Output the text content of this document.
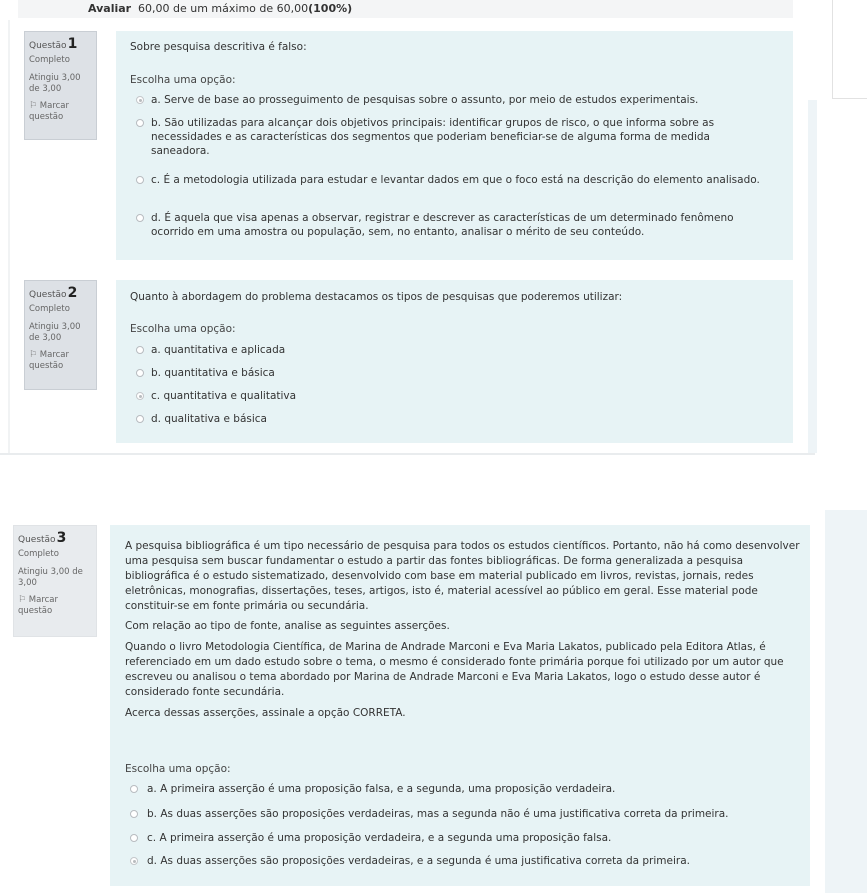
Avaliar 60,00 de um máximo de 60,00(100%)
Questão1
Completo
Atingiu 3,00 de 3,00
⚐ Marcar questão
Sobre pesquisa descritiva é falso:
Escolha uma opção:
a. Serve de base ao prosseguimento de pesquisas sobre o assunto, por meio de estudos experimentais.
b. São utilizadas para alcançar dois objetivos principais: identificar grupos de risco, o que informa sobre as necessidades e as características dos segmentos que poderiam beneficiar-se de alguma forma de medida saneadora.
c. É a metodologia utilizada para estudar e levantar dados em que o foco está na descrição do elemento analisado.
d. É aquela que visa apenas a observar, registrar e descrever as características de um determinado fenômeno ocorrido em uma amostra ou população, sem, no entanto, analisar o mérito de seu conteúdo.
Questão2
Completo
Atingiu 3,00 de 3,00
⚐ Marcar questão
Quanto à abordagem do problema destacamos os tipos de pesquisas que poderemos utilizar:
Escolha uma opção:
a. quantitativa e aplicada
b. quantitativa e básica
c. quantitativa e qualitativa
d. qualitativa e básica
Questão3
Completo
Atingiu 3,00 de 3,00
⚐ Marcar questão

A pesquisa bibliográfica é um tipo necessário de pesquisa para todos os estudos científicos. Portanto, não há como desenvolver uma pesquisa sem buscar fundamentar o estudo a partir das fontes bibliográficas. De forma generalizada a pesquisa bibliográfica é o estudo sistematizado, desenvolvido com base em material publicado em livros, revistas, jornais, redes eletrônicas, monografias, dissertações, teses, artigos, isto é, material acessível ao público em geral. Esse material pode constituir-se em fonte primária ou secundária.

Com relação ao tipo de fonte, analise as seguintes asserções.

Quando o livro Metodologia Científica, de Marina de Andrade Marconi e Eva Maria Lakatos, publicado pela Editora Atlas, é referenciado em um dado estudo sobre o tema, o mesmo é considerado fonte primária porque foi utilizado por um autor que escreveu ou analisou o tema abordado por Marina de Andrade Marconi e Eva Maria Lakatos, logo o estudo desse autor é considerado fonte secundária.

Acerca dessas asserções, assinale a opção CORRETA.

Escolha uma opção:
a. A primeira asserção é uma proposição falsa, e a segunda, uma proposição verdadeira.
b. As duas asserções são proposições verdadeiras, mas a segunda não é uma justificativa correta da primeira.
c. A primeira asserção é uma proposição verdadeira, e a segunda uma proposição falsa.
d. As duas asserções são proposições verdadeiras, e a segunda é uma justificativa correta da primeira.
